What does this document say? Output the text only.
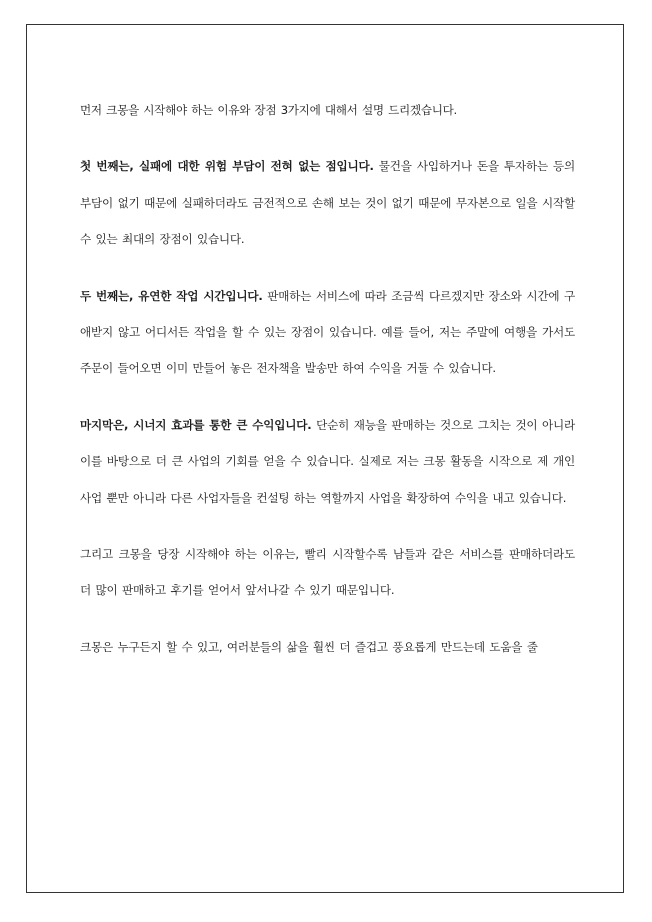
먼저 크몽을 시작해야 하는 이유와 장점 3가지에 대해서 설명 드리겠습니다.

첫 번째는, 실패에 대한 위험 부담이 전혀 없는 점입니다. 물건을 사입하거나 돈을 투자하는 등의 부담이 없기 때문에 실패하더라도 금전적으로 손해 보는 것이 없기 때문에 무자본으로 일을 시작할 수 있는 최대의 장점이 있습니다.

두 번째는, 유연한 작업 시간입니다. 판매하는 서비스에 따라 조금씩 다르겠지만 장소와 시간에 구애받지 않고 어디서든 작업을 할 수 있는 장점이 있습니다. 예를 들어, 저는 주말에 여행을 가서도 주문이 들어오면 이미 만들어 놓은 전자책을 발송만 하여 수익을 거둘 수 있습니다.

마지막은, 시너지 효과를 통한 큰 수익입니다. 단순히 재능을 판매하는 것으로 그치는 것이 아니라 이를 바탕으로 더 큰 사업의 기회를 얻을 수 있습니다. 실제로 저는 크몽 활동을 시작으로 제 개인 사업 뿐만 아니라 다른 사업자들을 컨설팅 하는 역할까지 사업을 확장하여 수익을 내고 있습니다.

그리고 크몽을 당장 시작해야 하는 이유는, 빨리 시작할수록 남들과 같은 서비스를 판매하더라도 더 많이 판매하고 후기를 얻어서 앞서나갈 수 있기 때문입니다.

크몽은 누구든지 할 수 있고, 여러분들의 삶을 훨씬 더 즐겁고 풍요롭게 만드는데 도움을 줄
